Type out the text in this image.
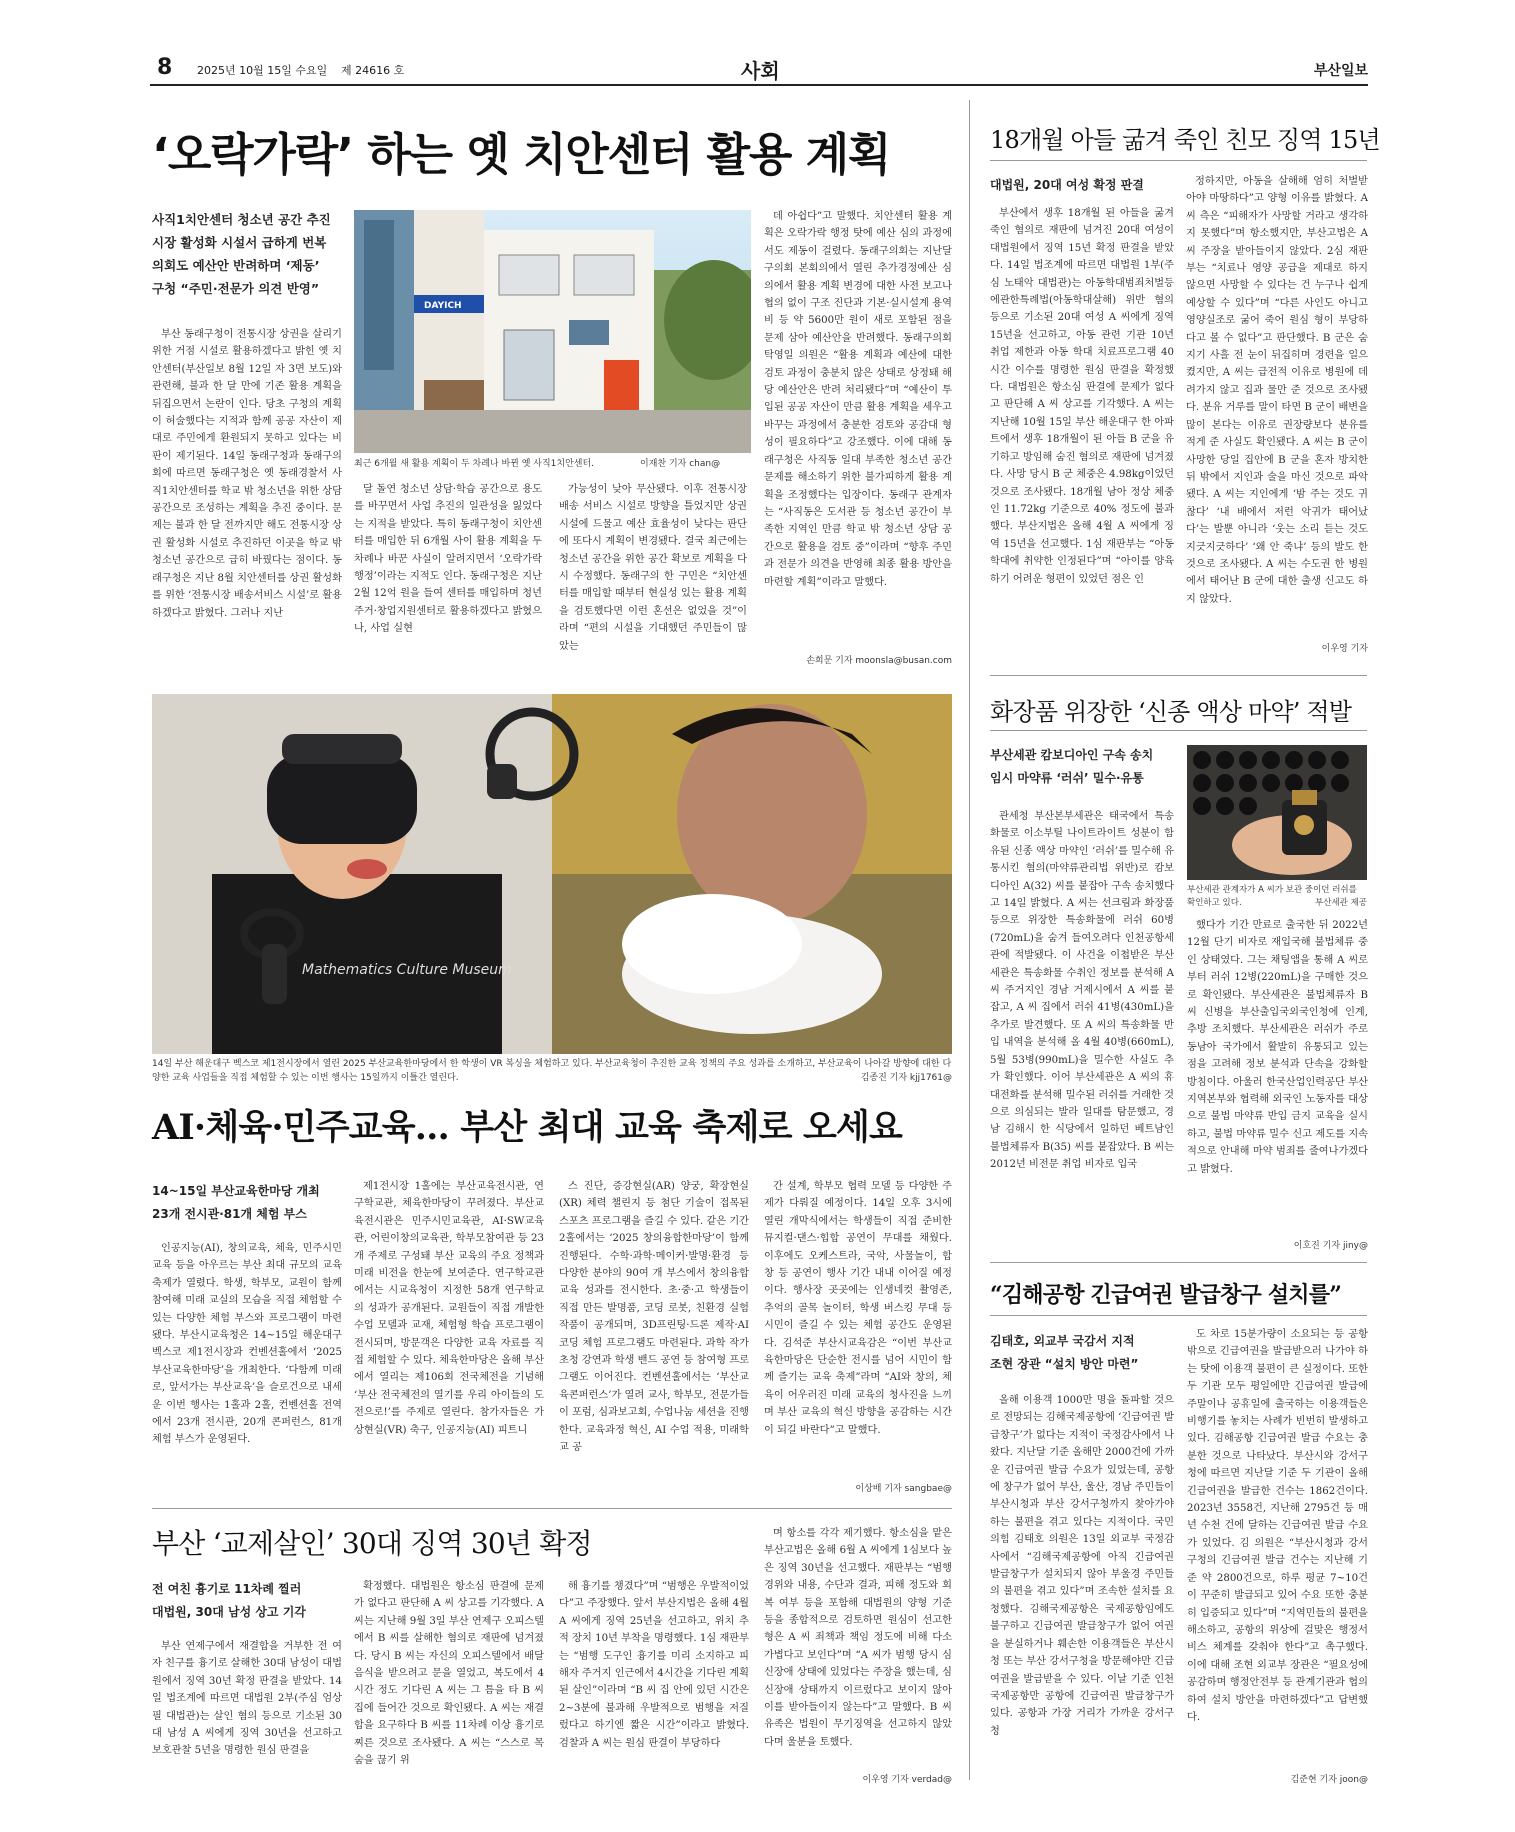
8 2025년 10월 15일 수요일 제 24616 호	사회	부산일보
‘오락가락’ 하는 옛 치안센터 활용 계획
사직1치안센터 청소년 공간 추진
시장 활성화 시설서 급하게 번복
의회도 예산안 반려하며 ‘제동’
구청 “주민·전문가 의견 반영”
DAYICH
최근 6개월 새 활용 계획이 두 차례나 바뀐 옛 사직1치안센터.	이재찬 기자 chan@

부산 동래구청이 전통시장 상권을 살리기 위한 거점 시설로 활용하겠다고 밝힌 옛 치안센터(부산일보 8월 12일 자 3면 보도)와 관련해, 불과 한 달 만에 기존 활용 계획을 뒤집으면서 논란이 인다. 당초 구청의 계획이 허술했다는 지적과 함께 공공 자산이 제대로 주민에게 환원되지 못하고 있다는 비판이 제기된다. 14일 동래구청과 동래구의회에 따르면 동래구청은 옛 동래경찰서 사직1치안센터를 학교 밖 청소년을 위한 상담 공간으로 조성하는 계획을 추진 중이다. 문제는 불과 한 달 전까지만 해도 전통시장 상권 활성화 시설로 추진하던 이곳을 학교 밖 청소년 공간으로 급히 바꿨다는 점이다. 동래구청은 지난 8월 치안센터를 상권 활성화를 위한 ‘전통시장 배송서비스 시설’로 활용하겠다고 밝혔다. 그러나 지난

달 돌연 청소년 상담·학습 공간으로 용도를 바꾸면서 사업 추진의 일관성을 잃었다는 지적을 받았다. 특히 동래구청이 치안센터를 매입한 뒤 6개월 사이 활용 계획을 두 차례나 바꾼 사실이 알려지면서 ‘오락가락 행정’이라는 지적도 인다. 동래구청은 지난 2월 12억 원을 들여 센터를 매입하며 청년주거·창업지원센터로 활용하겠다고 밝혔으나, 사업 실현

가능성이 낮아 무산됐다. 이후 전통시장 배송 서비스 시설로 방향을 틀었지만 상권 시설에 드물고 예산 효율성이 낮다는 판단에 또다시 계획이 변경됐다. 결국 최근에는 청소년 공간을 위한 공간 확보로 계획을 다시 수정했다. 동래구의 한 구민은 “치안센터를 매입할 때부터 현실성 있는 활용 계획을 검토했다면 이런 혼선은 없었을 것”이라며 “편의 시설을 기대했던 주민들이 많았는

데 아쉽다”고 말했다. 치안센터 활용 계획은 오락가락 행정 탓에 예산 심의 과정에서도 제동이 걸렸다. 동래구의회는 지난달 구의회 본회의에서 열린 추가경정예산 심의에서 활용 계획 변경에 대한 사전 보고나 협의 없이 구조 진단과 기본·실시설계 용역비 등 약 5600만 원이 새로 포함된 점을 문제 삼아 예산안을 반려했다. 동래구의회 탁영일 의원은 “활용 계획과 예산에 대한 검토 과정이 충분치 않은 상태로 상정돼 해당 예산안은 반려 처리됐다”며 “예산이 투입된 공공 자산이 만큼 활용 계획을 세우고 바꾸는 과정에서 충분한 검토와 공감대 형성이 필요하다”고 강조했다. 이에 대해 동래구청은 사직동 일대 부족한 청소년 공간 문제를 해소하기 위한 불가피하게 활용 계획을 조정했다는 입장이다. 동래구 관계자는 “사직동은 도서관 등 청소년 공간이 부족한 지역인 만큼 학교 밖 청소년 상담 공간으로 활용을 검토 중”이라며 “향후 주민과 전문가 의견을 반영해 최종 활용 방안을 마련할 계획”이라고 말했다.

손희문 기자 moonsla@busan.com
18개월 아들 굶겨 죽인 친모 징역 15년
대법원, 20대 여성 확정 판결

부산에서 생후 18개월 된 아들을 굶겨 죽인 혐의로 재판에 넘겨진 20대 여성이 대법원에서 징역 15년 확정 판결을 받았다. 14일 법조계에 따르면 대법원 1부(주심 노태악 대법관)는 아동학대범죄처벌등에관한특례법(아동학대살해) 위반 혐의 등으로 기소된 20대 여성 A 씨에게 징역 15년을 선고하고, 아동 관련 기관 10년 취업 제한과 아동 학대 치료프로그램 40시간 이수를 명령한 원심 판결을 확정했다. 대법원은 항소심 판결에 문제가 없다고 판단해 A 씨 상고를 기각했다. A 씨는 지난해 10월 15일 부산 해운대구 한 아파트에서 생후 18개월이 된 아들 B 군을 유기하고 방임해 숨진 혐의로 재판에 넘겨졌다. 사망 당시 B 군 체중은 4.98kg이었던 것으로 조사됐다. 18개월 남아 정상 체중인 11.72kg 기준으로 40% 정도에 불과했다. 부산지법은 올해 4월 A 씨에게 징역 15년을 선고했다. 1심 재판부는 “아동학대에 취약한 인정된다”며 “아이를 양육하기 어려운 형편이 있었던 점은 인

정하지만, 아동을 살해해 엄히 처벌받아야 마땅하다”고 양형 이유를 밝혔다. A 씨 측은 “피해자가 사망할 거라고 생각하지 못했다”며 항소했지만, 부산고법은 A 씨 주장을 받아들이지 않았다. 2심 재판부는 “치료나 영양 공급을 제대로 하지 않으면 사망할 수 있다는 건 누구나 쉽게 예상할 수 있다”며 “다른 사인도 아니고 영양실조로 굶어 죽어 원심 형이 부당하다고 볼 수 없다”고 판단했다. B 군은 숨지기 사흘 전 눈이 뒤집히며 경련을 일으켰지만, A 씨는 급전적 이유로 병원에 데려가지 않고 집과 물만 준 것으로 조사됐다. 분유 거루를 말이 타면 B 군이 배변을 많이 본다는 이유로 권장량보다 분유를 적게 준 사실도 확인됐다. A 씨는 B 군이 사망한 당일 집안에 B 군을 혼자 방치한 뒤 밖에서 지인과 술을 마신 것으로 파악됐다. A 씨는 지인에게 ‘밤 주는 것도 귀찮다’ ‘내 배에서 저런 악귀가 태어났다’는 발뿐 아니라 ‘웃는 소리 듣는 것도 지긋지긋하다’ ‘왜 안 죽냐’ 등의 발도 한 것으로 조사됐다. A 씨는 수도권 한 병원에서 태어난 B 군에 대한 출생 신고도 하지 않았다.

이우영 기자
화장품 위장한 ‘신종 액상 마약’ 적발
부산세관 캄보디아인 구속 송치
임시 마약류 ‘러쉬’ 밀수·유통
부산세관 관계자가 A 씨가 보관 중이던 러쉬를 확인하고 있다.	부산세관 제공

관세청 부산본부세관은 태국에서 특송화물로 이소부틸 나이트라이트 성분이 함유된 신종 액상 마약인 ‘러쉬’를 밀수해 유통시킨 혐의(마약류관리법 위반)로 캄보디아인 A(32) 씨를 붙잡아 구속 송치했다고 14일 밝혔다. A 씨는 선크림과 화장품 등으로 위장한 특송화물에 러쉬 60병(720mL)을 숨겨 들여오려다 인천공항세관에 적발됐다. 이 사건을 이첩받은 부산세관은 특송화물 수취인 정보를 분석해 A 씨 주거지인 경남 거제시에서 A 씨를 붙잡고, A 씨 집에서 러쉬 41병(430mL)을 추가로 발견했다. 또 A 씨의 특송화물 반입 내역을 분석해 올 4월 40병(660mL), 5월 53병(990mL)을 밀수한 사실도 추가 확인했다. 이어 부산세관은 A 씨의 휴대전화를 분석해 밀수된 러쉬를 거래한 것으로 의심되는 발라 일대를 탐문했고, 경남 김해시 한 식당에서 일하던 베트남인 불법체류자 B(35) 씨를 붙잡았다. B 씨는 2012년 비전문 취업 비자로 입국

했다가 기간 만료로 출국한 뒤 2022년 12월 단기 비자로 재입국해 불법체류 중인 상태였다. 그는 채팅앱을 통해 A 씨로부터 러쉬 12병(220mL)을 구매한 것으로 확인됐다. 부산세관은 불법체류자 B 씨 신병을 부산출입국외국인청에 인계, 추방 조치했다. 부산세관은 러쉬가 주로 동남아 국가에서 활발히 유통되고 있는 점을 고려해 정보 분석과 단속을 강화할 방침이다. 아울러 한국산업인력공단 부산지역본부와 협력해 외국인 노동자를 대상으로 불법 마약류 반입 금지 교육을 실시하고, 불법 마약류 밀수 신고 제도를 지속적으로 안내해 마약 범죄를 줄여나가겠다고 밝혔다.

이호진 기자 jiny@
Mathematics Culture Museum
14일 부산 해운대구 벡스코 제1전시장에서 열린 2025 부산교육한마당에서 한 학생이 VR 복싱을 체험하고 있다. 부산교육청이 추진한 교육 정책의 주요 성과를 소개하고, 부산교육이 나아갈 방향에 대한 다양한 교육 사업들을 직접 체험할 수 있는 이번 행사는 15일까지 이틀간 열린다.	김종진 기자 kjj1761@
AI·체육·민주교육… 부산 최대 교육 축제로 오세요
14~15일 부산교육한마당 개최
23개 전시관·81개 체험 부스

인공지능(AI), 창의교육, 체육, 민주시민교육 등을 아우르는 부산 최대 규모의 교육 축제가 열렸다. 학생, 학부모, 교원이 함께 참여해 미래 교실의 모습을 직접 체험할 수 있는 다양한 체험 부스와 프로그램이 마련됐다. 부산시교육청은 14~15일 해운대구 벡스코 제1전시장과 컨벤션홀에서 ‘2025 부산교육한마당’을 개최한다. ‘다함께 미래로, 앞서가는 부산교육’을 슬로건으로 내세운 이번 행사는 1홀과 2홀, 컨벤션홀 전역에서 23개 전시관, 20개 콘퍼런스, 81개 체험 부스가 운영된다.

제1전시장 1홀에는 부산교육전시관, 연구학교관, 체육한마당이 꾸려졌다. 부산교육전시관은 민주시민교육관, AI·SW교육관, 어린이창의교육관, 학부모참여관 등 23개 주제로 구성돼 부산 교육의 주요 정책과 미래 비전을 한눈에 보여준다. 연구학교관에서는 시교육청이 지정한 58개 연구학교의 성과가 공개된다. 교원들이 직접 개발한 수업 모델과 교재, 체험형 학습 프로그램이 전시되며, 방문객은 다양한 교육 자료를 직접 체험할 수 있다. 체육한마당은 올해 부산에서 열리는 제106회 전국체전을 기념해 ‘부산 전국체전의 열기를 우리 아이들의 도전으로!’를 주제로 열린다. 참가자들은 가상현실(VR) 축구, 인공지능(AI) 피트니

스 진단, 증강현실(AR) 양궁, 확장현실(XR) 체력 챌린지 등 첨단 기술이 접목된 스포츠 프로그램을 즐길 수 있다. 같은 기간 2홀에서는 ‘2025 창의융합한마당’이 함께 진행된다. 수학·과학·메이커·발명·환경 등 다양한 분야의 90여 개 부스에서 창의융합 교육 성과를 전시한다. 초·중·고 학생들이 직접 만든 발명품, 코딩 로봇, 친환경 실험 작품이 공개되며, 3D프린팅·드론 제작·AI코딩 체험 프로그램도 마련된다. 과학 작가 초청 강연과 학생 밴드 공연 등 참여형 프로그램도 이어진다. 컨벤션홀에서는 ‘부산교육콘퍼런스’가 열려 교사, 학부모, 전문가들이 포럼, 심과보고회, 수업나눔 세션을 진행한다. 교육과정 혁신, AI 수업 적용, 미래학교 공

간 설계, 학부모 협력 모델 등 다양한 주제가 다뤄질 예정이다. 14일 오후 3시에 열린 개막식에서는 학생들이 직접 준비한 뮤지컬·댄스·힙합 공연이 무대를 채웠다. 이후에도 오케스트라, 국악, 사물놀이, 합창 등 공연이 행사 기간 내내 이어질 예정이다. 행사장 곳곳에는 인생네컷 촬영존, 추억의 골목 놀이터, 학생 버스킹 무대 등 시민이 즐길 수 있는 체험 공간도 운영된다. 김석준 부산시교육감은 “이번 부산교육한마당은 단순한 전시를 넘어 시민이 함께 즐기는 교육 축제”라며 “AI와 창의, 체육이 어우러진 미래 교육의 청사진을 느끼며 부산 교육의 혁신 방향을 공감하는 시간이 되길 바란다”고 말했다.

이상배 기자 sangbae@
부산 ‘교제살인’ 30대 징역 30년 확정
전 여친 흉기로 11차례 찔러
대법원, 30대 남성 상고 기각

부산 연제구에서 재결합을 거부한 전 여자 친구를 흉기로 살해한 30대 남성이 대법원에서 징역 30년 확정 판결을 받았다. 14일 법조계에 따르면 대법원 2부(주심 엄상필 대법관)는 살인 혐의 등으로 기소된 30대 남성 A 씨에게 징역 30년을 선고하고 보호관찰 5년을 명령한 원심 판결을

확정했다. 대법원은 항소심 판결에 문제가 없다고 판단해 A 씨 상고를 기각했다. A 씨는 지난해 9월 3일 부산 연제구 오피스텔에서 B 씨를 살해한 혐의로 재판에 넘겨졌다. 당시 B 씨는 자신의 오피스텔에서 배달 음식을 받으려고 문을 열었고, 복도에서 4시간 정도 기다린 A 씨는 그 틈을 타 B 씨 집에 들어간 것으로 확인됐다. A 씨는 재결합을 요구하다 B 씨를 11차례 이상 흉기로 찌른 것으로 조사됐다. A 씨는 “스스로 목숨을 끊기 위

해 흉기를 챙겼다”며 “범행은 우발적이었다”고 주장했다. 앞서 부산지법은 올해 4월 A 씨에게 징역 25년을 선고하고, 위치 추적 장치 10년 부착을 명령했다. 1심 재판부는 “범행 도구인 흉기를 미리 소지하고 피해자 주거지 인근에서 4시간을 기다린 계획된 살인”이라며 “B 씨 집 안에 있던 시간은 2~3분에 불과해 우발적으로 범행을 저질렀다고 하기엔 짧은 시간”이라고 밝혔다. 검찰과 A 씨는 원심 판결이 부당하다

며 항소를 각각 제기했다. 항소심을 맡은 부산고법은 올해 6월 A 씨에게 1심보다 높은 징역 30년을 선고했다. 재판부는 “범행 경위와 내용, 수단과 결과, 피해 정도와 회복 여부 등을 포함해 대법원의 양형 기준 등을 종합적으로 검토하면 원심이 선고한 형은 A 씨 죄책과 책임 정도에 비해 다소 가볍다고 보인다”며 “A 씨가 범행 당시 심신장애 상태에 있었다는 주장을 했는데, 심신장애 상태까지 이르렀다고 보이지 않아 이를 받아들이지 않는다”고 말했다. B 씨 유족은 법원이 무기징역을 선고하지 않았다며 울분을 토했다.

이우영 기자 verdad@
“김해공항 긴급여권 발급창구 설치를”
김태호, 외교부 국감서 지적
조현 장관 “설치 방안 마련”

올해 이용객 1000만 명을 돌파할 것으로 전망되는 김해국제공항에 ‘긴급여권 발급창구’가 없다는 지적이 국정감사에서 나왔다. 지난달 기준 올해만 2000건에 가까운 긴급여권 발급 수요가 있었는데, 공항에 창구가 없어 부산, 울산, 경남 주민들이 부산시청과 부산 강서구청까지 찾아가야 하는 불편을 겪고 있다는 지적이다. 국민의힘 김태호 의원은 13일 외교부 국정감사에서 “김해국제공항에 아직 긴급여권 발급창구가 설치되지 않아 부울경 주민들의 불편을 겪고 있다”며 조속한 설치를 요청했다. 김해국제공항은 국제공항임에도 불구하고 긴급여권 발급창구가 없어 여권을 분실하거나 훼손한 이용객들은 부산시청 또는 부산 강서구청을 방문해야만 긴급여권을 발급받을 수 있다. 이날 기준 인천국제공항만 공항에 긴급여권 발급창구가 있다. 공항과 가장 거리가 가까운 강서구청

도 차로 15분가량이 소요되는 등 공항 밖으로 긴급여권을 발급받으러 나가야 하는 탓에 이용객 불편이 큰 실정이다. 또한 두 기관 모두 평일에만 긴급여권 발급에 주말이나 공휴일에 출국하는 이용객들은 비행기를 놓치는 사례가 빈번히 발생하고 있다. 김해공항 긴급여권 발급 수요는 충분한 것으로 나타났다. 부산시와 강서구청에 따르면 지난달 기준 두 기관이 올해 긴급여권을 발급한 건수는 1862건이다. 2023년 3558건, 지난해 2795건 등 매년 수천 건에 달하는 긴급여권 발급 수요가 있었다. 김 의원은 “부산시청과 강서구청의 긴급여권 발급 건수는 지난해 기준 약 2800건으로, 하루 평균 7~10건이 꾸준히 발급되고 있어 수요 또한 충분히 입증되고 있다”며 “지역민들의 불편을 해소하고, 공항의 위상에 걸맞은 행정서비스 체계를 갖춰야 한다”고 촉구했다. 이에 대해 조현 외교부 장관은 “필요성에 공감하며 행정안전부 등 관계기관과 협의하여 설치 방안을 마련하겠다”고 답변했다.

김준현 기자 joon@
